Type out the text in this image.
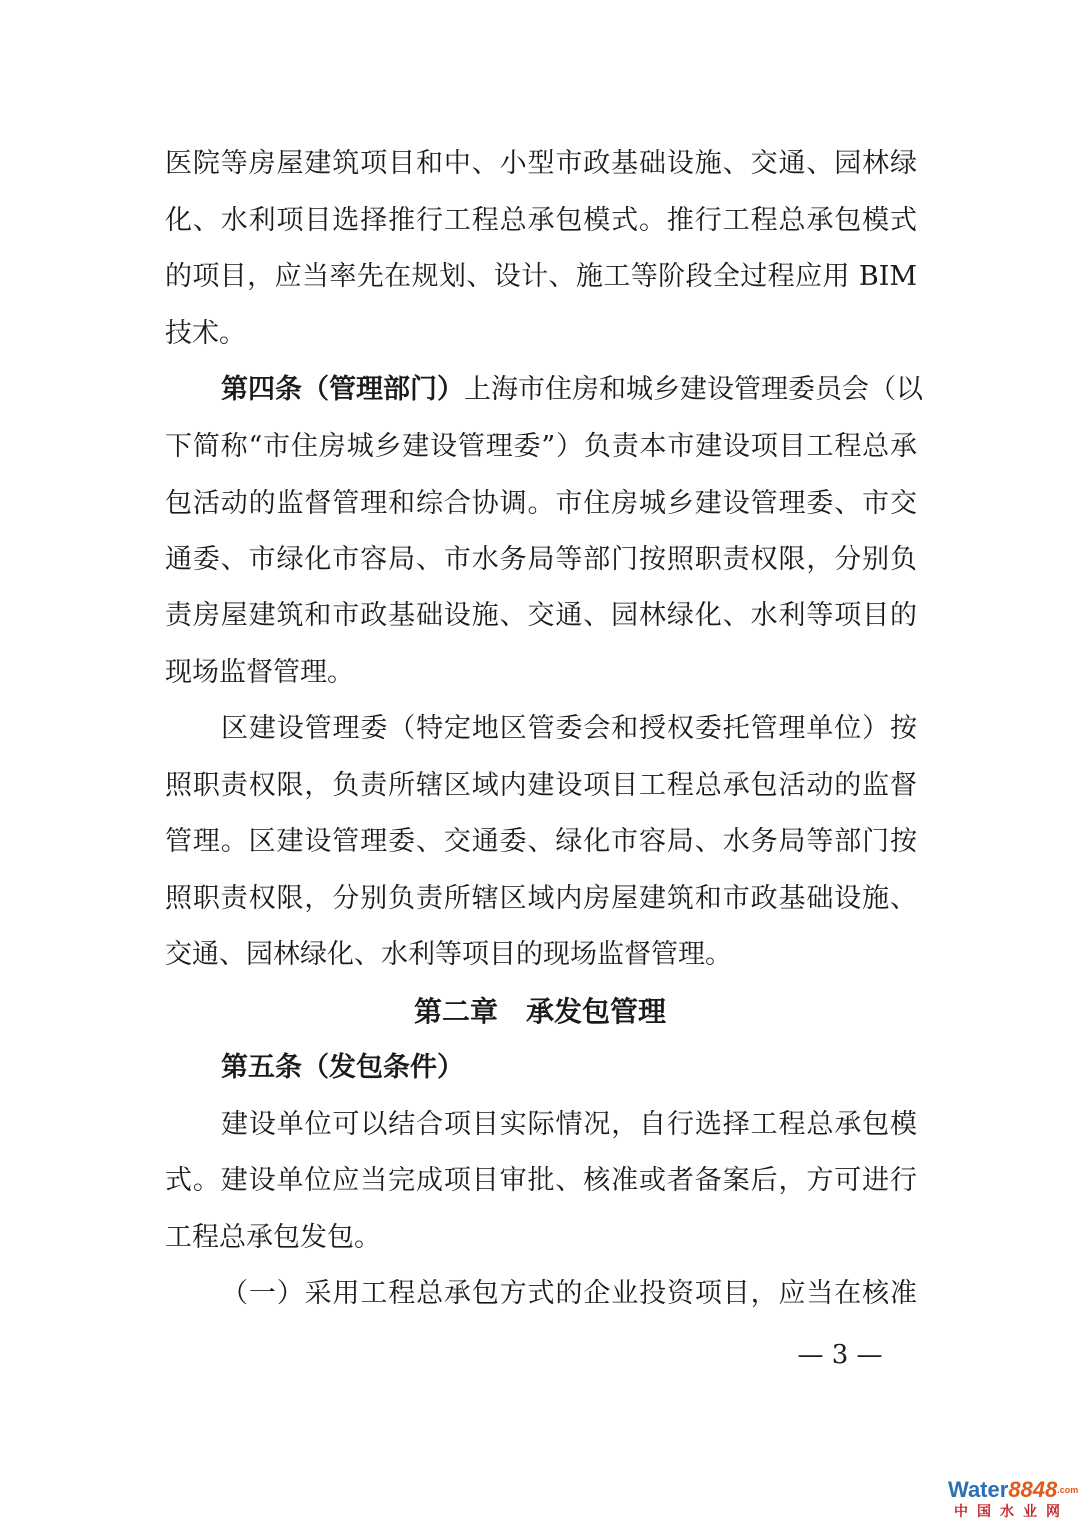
医院等房屋建筑项目和中、小型市政基础设施、交通、园林绿
化、水利项目选择推行工程总承包模式。推行工程总承包模式
的项目，应当率先在规划、设计、施工等阶段全过程应用 BIM
技术。
第四条（管理部门）上海市住房和城乡建设管理委员会（以
下简称“市住房城乡建设管理委”）负责本市建设项目工程总承
包活动的监督管理和综合协调。市住房城乡建设管理委、市交
通委、市绿化市容局、市水务局等部门按照职责权限，分别负
责房屋建筑和市政基础设施、交通、园林绿化、水利等项目的
现场监督管理。
区建设管理委（特定地区管委会和授权委托管理单位）按
照职责权限，负责所辖区域内建设项目工程总承包活动的监督
管理。区建设管理委、交通委、绿化市容局、水务局等部门按
照职责权限，分别负责所辖区域内房屋建筑和市政基础设施、
交通、园林绿化、水利等项目的现场监督管理。
第二章　承发包管理
第五条（发包条件）
建设单位可以结合项目实际情况，自行选择工程总承包模
式。建设单位应当完成项目审批、核准或者备案后，方可进行
工程总承包发包。
（一）采用工程总承包方式的企业投资项目，应当在核准
— 3 —
$Water8848^{.com}$
中国水业网
